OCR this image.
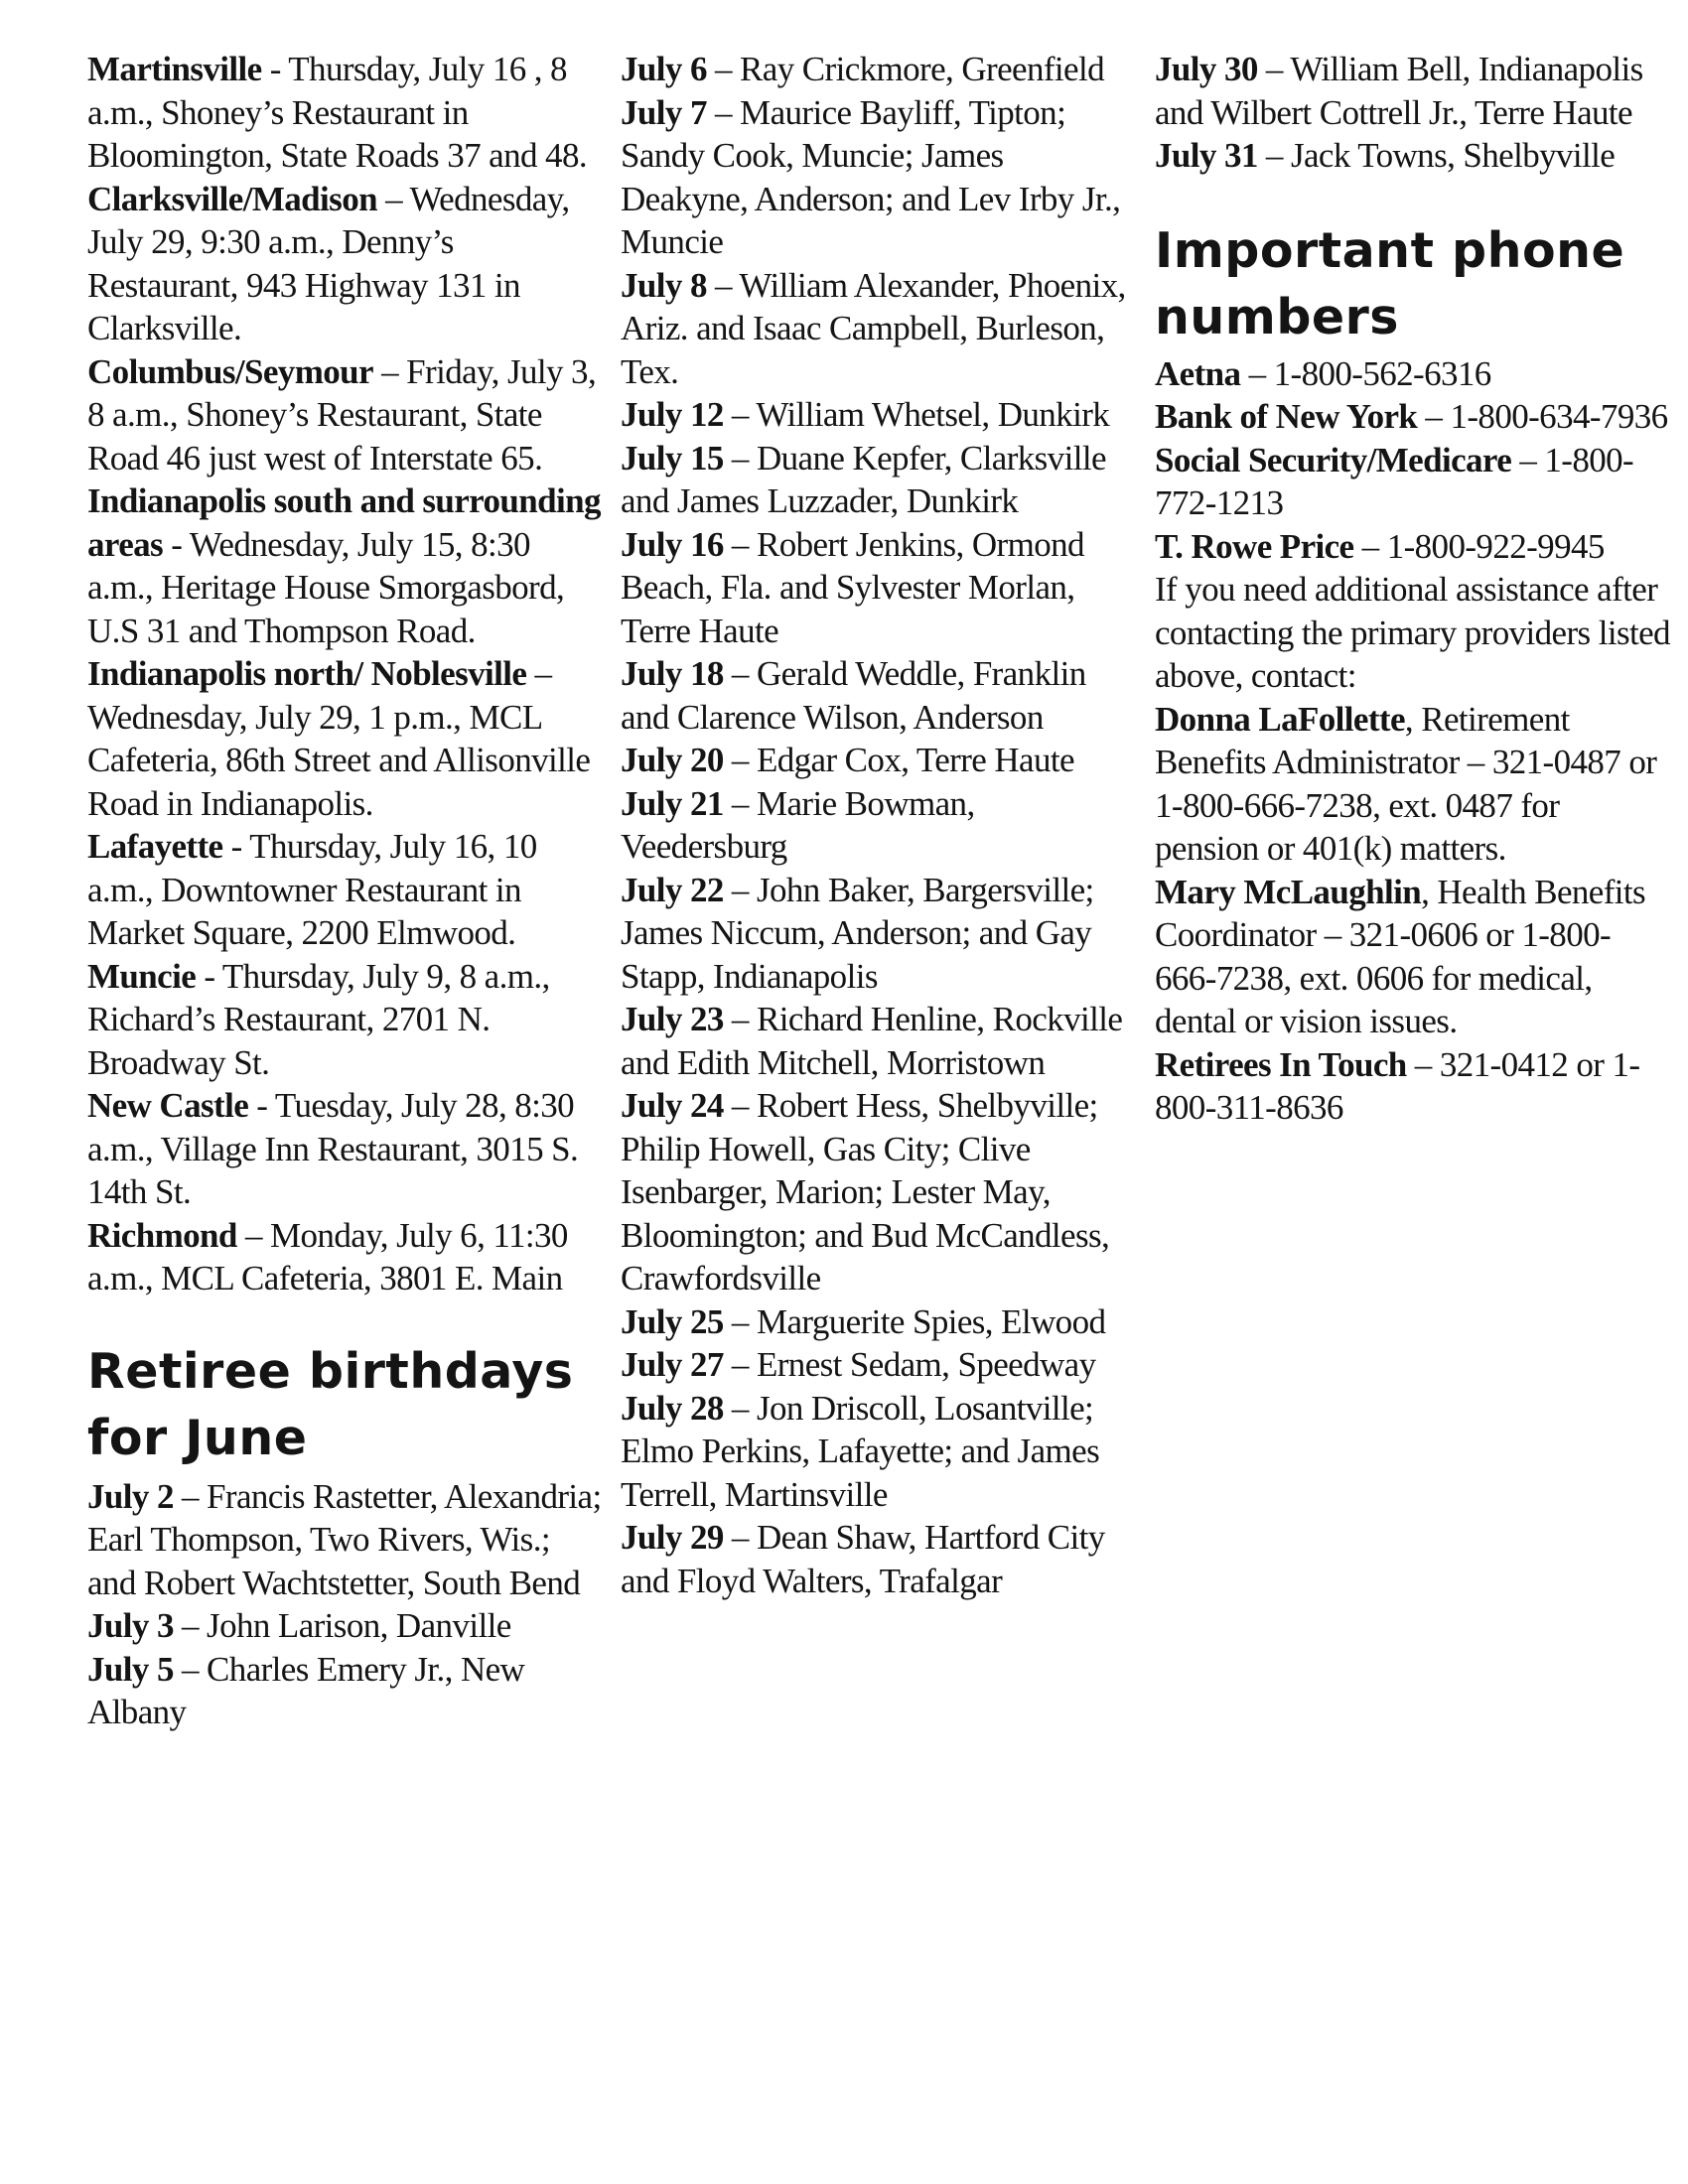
Martinsville - Thursday, July 16 , 8 a.m., Shoney’s Restaurant in Bloomington, State Roads 37 and 48.

Clarksville/Madison – Wednesday, July 29, 9:30 a.m., Denny’s Restaurant, 943 Highway 131 in Clarksville.

Columbus/Seymour – Friday, July 3, 8 a.m., Shoney’s Restaurant, State Road 46 just west of Interstate 65.

Indianapolis south and surrounding areas - Wednesday, July 15, 8:30 a.m., Heritage House Smorgasbord, U.S 31 and Thompson Road.

Indianapolis north/ Noblesville – Wednesday, July 29, 1 p.m., MCL Cafeteria, 86th Street and Allisonville Road in Indianapolis.

Lafayette - Thursday, July 16, 10 a.m., Downtowner Restaurant in Market Square, 2200 Elmwood.

Muncie - Thursday, July 9, 8 a.m., Richard’s Restaurant, 2701 N. Broadway St.

New Castle - Tuesday, July 28, 8:30 a.m., Village Inn Restaurant, 3015 S. 14th St.

Richmond – Monday, July 6, 11:30 a.m., MCL Cafeteria, 3801 E. Main

Retiree birthdays for June

July 2 – Francis Rastetter, Alexandria; Earl Thompson, Two Rivers, Wis.; and Robert Wachtstetter, South Bend

July 3 – John Larison, Danville

July 5 – Charles Emery Jr., New Albany

July 6 – Ray Crickmore, Greenfield

July 7 – Maurice Bayliff, Tipton; Sandy Cook, Muncie; James Deakyne, Anderson; and Lev Irby Jr., Muncie

July 8 – William Alexander, Phoenix, Ariz. and Isaac Campbell, Burleson, Tex.

July 12 – William Whetsel, Dunkirk

July 15 – Duane Kepfer, Clarksville and James Luzzader, Dunkirk

July 16 – Robert Jenkins, Ormond Beach, Fla. and Sylvester Morlan, Terre Haute

July 18 – Gerald Weddle, Franklin and Clarence Wilson, Anderson

July 20 – Edgar Cox, Terre Haute

July 21 – Marie Bowman, Veedersburg

July 22 – John Baker, Bargersville; James Niccum, Anderson; and Gay Stapp, Indianapolis

July 23 – Richard Henline, Rockville and Edith Mitchell, Morristown

July 24 – Robert Hess, Shelbyville; Philip Howell, Gas City; Clive Isenbarger, Marion; Lester May, Bloomington; and Bud McCandless, Crawfordsville

July 25 – Marguerite Spies, Elwood

July 27 – Ernest Sedam, Speedway

July 28 – Jon Driscoll, Losantville; Elmo Perkins, Lafayette; and James Terrell, Martinsville

July 29 – Dean Shaw, Hartford City and Floyd Walters, Trafalgar

July 30 – William Bell, Indianapolis and Wilbert Cottrell Jr., Terre Haute

July 31 – Jack Towns, Shelbyville

Important phone numbers

Aetna – 1-800-562-6316

Bank of New York – 1-800-634-7936

Social Security/Medicare – 1-800-772-1213

T. Rowe Price – 1-800-922-9945

If you need additional assistance after contacting the primary providers listed above, contact:

Donna LaFollette, Retirement Benefits Administrator – 321-0487 or 1-800-666-7238, ext. 0487 for pension or 401(k) matters.

Mary McLaughlin, Health Benefits Coordinator – 321-0606 or 1-800-666-7238, ext. 0606 for medical, dental or vision issues.

Retirees In Touch – 321-0412 or 1-800-311-8636
